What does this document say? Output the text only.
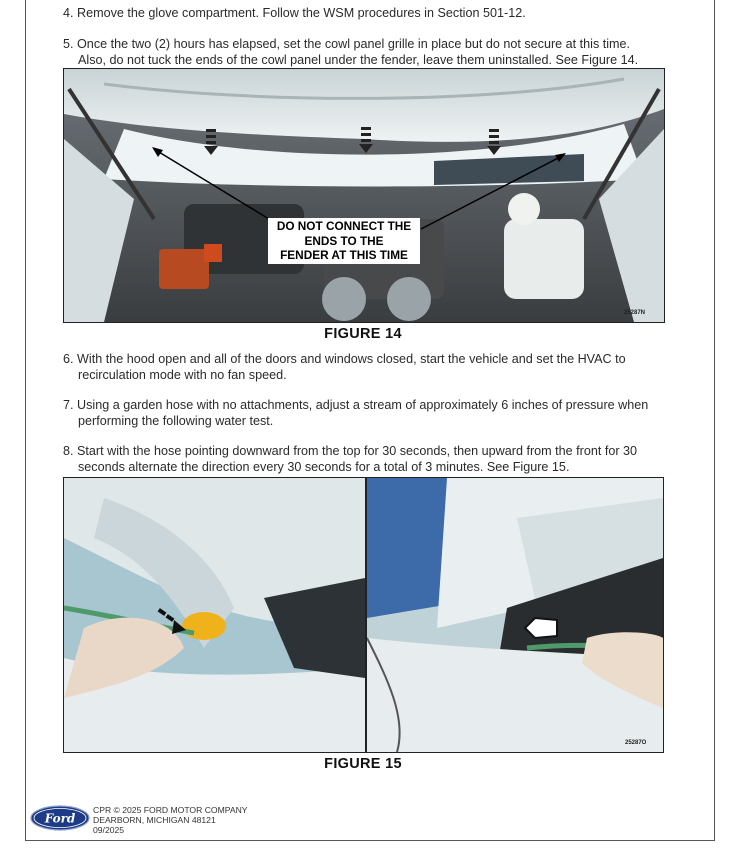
4. Remove the glove compartment. Follow the WSM procedures in Section 501-12.
5. Once the two (2) hours has elapsed, set the cowl panel grille in place but do not secure at this time.
Also, do not tuck the ends of the cowl panel under the fender, leave them uninstalled. See Figure 14.
DO NOT CONNECT THE
ENDS TO THE
FENDER AT THIS TIME
25287N
FIGURE 14
6. With the hood open and all of the doors and windows closed, start the vehicle and set the HVAC to
recirculation mode with no fan speed.
7. Using a garden hose with no attachments, adjust a stream of approximately 6 inches of pressure when
performing the following water test.
8. Start with the hose pointing downward from the top for 30 seconds, then upward from the front for 30
seconds alternate the direction every 30 seconds for a total of 3 minutes. See Figure 15.
25287O
FIGURE 15
Ford
CPR © 2025 FORD MOTOR COMPANY
DEARBORN, MICHIGAN 48121
09/2025
